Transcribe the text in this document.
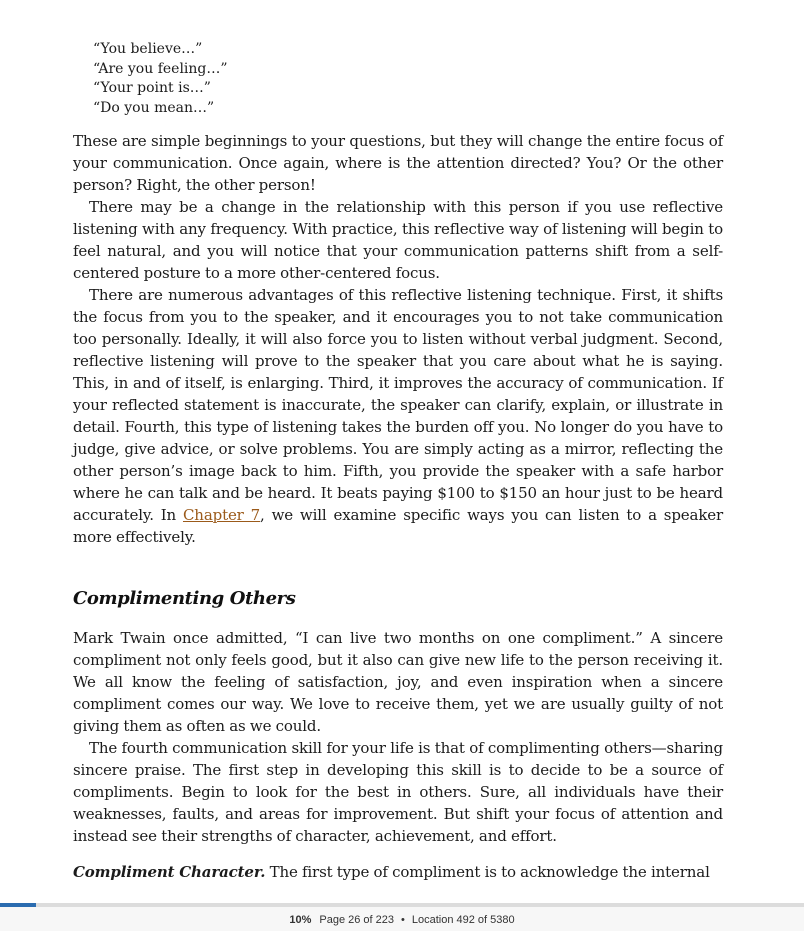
“You believe…”
“Are you feeling…”
“Your point is…”
“Do you mean…”

These are simple beginnings to your questions, but they will change the entire focus of your communication. Once again, where is the attention directed? You? Or the other person? Right, the other person!

There may be a change in the relationship with this person if you use reflective listening with any frequency. With practice, this reflective way of listening will begin to feel natural, and you will notice that your communication patterns shift from a self-centered posture to a more other-centered focus.

There are numerous advantages of this reflective listening technique. First, it shifts the focus from you to the speaker, and it encourages you to not take communication too personally. Ideally, it will also force you to listen without verbal judgment. Second, reflective listening will prove to the speaker that you care about what he is saying. This, in and of itself, is enlarging. Third, it improves the accuracy of communication. If your reflected statement is inaccurate, the speaker can clarify, explain, or illustrate in detail. Fourth, this type of listening takes the burden off you. No longer do you have to judge, give advice, or solve problems. You are simply acting as a mirror, reflecting the other person’s image back to him. Fifth, you provide the speaker with a safe harbor where he can talk and be heard. It beats paying $100 to $150 an hour just to be heard accurately. In Chapter 7, we will examine specific ways you can listen to a speaker more effectively.

Complimenting Others

Mark Twain once admitted, “I can live two months on one compliment.” A sincere compliment not only feels good, but it also can give new life to the person receiving it. We all know the feeling of satisfaction, joy, and even inspiration when a sincere compliment comes our way. We love to receive them, yet we are usually guilty of not giving them as often as we could.

The fourth communication skill for your life is that of complimenting others—sharing sincere praise. The first step in developing this skill is to decide to be a source of compliments. Begin to look for the best in others. Sure, all individuals have their weaknesses, faults, and areas for improvement. But shift your focus of attention and instead see their strengths of character, achievement, and effort.

Compliment Character. The first type of compliment is to acknowledge the internal

10% Page 26 of 223 • Location 492 of 5380
